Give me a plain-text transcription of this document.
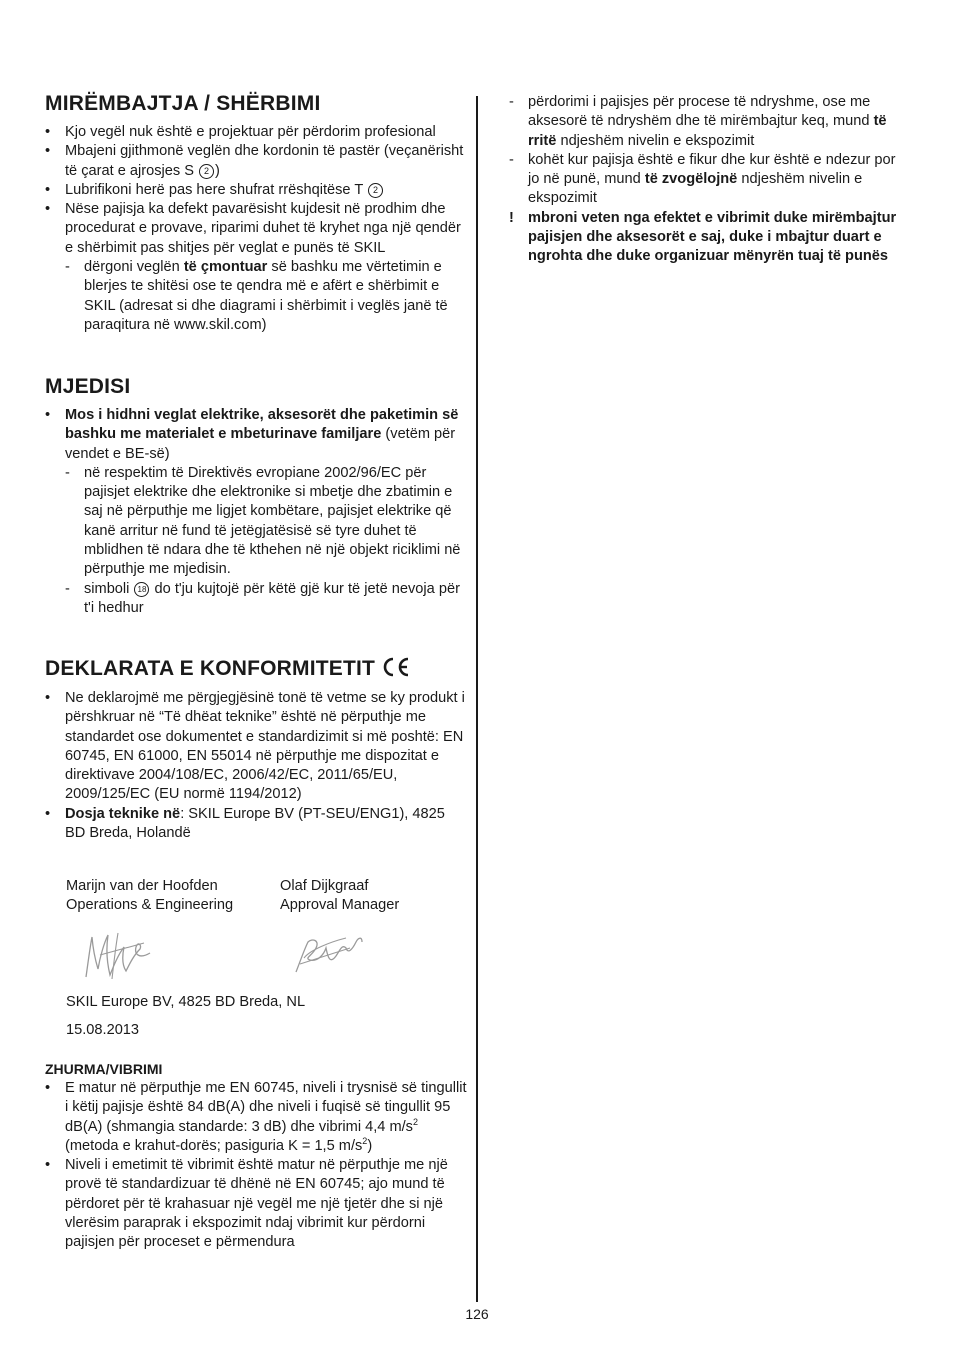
MIRËMBAJTJA / SHËRBIMI
• Kjo vegël nuk është e projektuar për përdorim profesional
• Mbajeni gjithmonë veglën dhe kordonin të pastër (veçanërisht të çarat e ajrosjes S 2 )
• Lubrifikoni herë pas here shufrat rrëshqitëse T 2
• Nëse pajisja ka defekt pavarësisht kujdesit në prodhim dhe procedurat e provave, riparimi duhet të kryhet nga një qendër e shërbimit pas shitjes për veglat e punës të SKIL
- dërgoni veglën të çmontuar së bashku me vërtetimin e blerjes te shitësi ose te qendra më e afërt e shërbimit e SKIL (adresat si dhe diagrami i shërbimit i veglës janë të paraqitura në www.skil.com)
MJEDISI
• Mos i hidhni veglat elektrike, aksesorët dhe paketimin së bashku me materialet e mbeturinave familjare (vetëm për vendet e BE-së)
- në respektim të Direktivës evropiane 2002/96/EC për pajisjet elektrike dhe elektronike si mbetje dhe zbatimin e saj në përputhje me ligjet kombëtare, pajisjet elektrike që kanë arritur në fund të jetëgjatësisë së tyre duhet të mblidhen të ndara dhe të kthehen në një objekt riciklimi në përputhje me mjedisin.
- simboli 18 do t'ju kujtojë për këtë gjë kur të jetë nevoja për t'i hedhur
DEKLARATA E KONFORMITETIT
• Ne deklarojmë me përgjegjësinë tonë të vetme se ky produkt i përshkruar në “Të dhëat teknike” është në përputhje me standardet ose dokumentet e standardizimit si më poshtë: EN 60745, EN 61000, EN 55014 në përputhje me dispozitat e direktivave 2004/108/EC, 2006/42/EC, 2011/65/EU, 2009/125/EC (EU normë 1194/2012)
• Dosja teknike në: SKIL Europe BV (PT-SEU/ENG1), 4825 BD Breda, Holandë
Marijn van der Hoofden
Operations & Engineering
Olaf Dijkgraaf
Approval Manager
SKIL Europe BV, 4825 BD Breda, NL
15.08.2013
ZHURMA/VIBRIMI
• E matur në përputhje me EN 60745, niveli i trysnisë së tingullit i këtij pajisje është 84 dB(A) dhe niveli i fuqisë së tingullit 95 dB(A) (shmangia standarde: 3 dB) dhe vibrimi 4,4 $m/s^2$ (metoda e krahut-dorës; pasiguria K = 1,5 $m/s^2$)
• Niveli i emetimit të vibrimit është matur në përputhje me një provë të standardizuar të dhënë në EN 60745; ajo mund të përdoret për të krahasuar një vegël me një tjetër dhe si një vlerësim paraprak i ekspozimit ndaj vibrimit kur përdorni pajisjen për proceset e përmendura
- përdorimi i pajisjes për procese të ndryshme, ose me aksesorë të ndryshëm dhe të mirëmbajtur keq, mund të rritë ndjeshëm nivelin e ekspozimit
- kohët kur pajisja është e fikur dhe kur është e ndezur por jo në punë, mund të zvogëlojnë ndjeshëm nivelin e ekspozimit
! mbroni veten nga efektet e vibrimit duke mirëmbajtur pajisjen dhe aksesorët e saj, duke i mbajtur duart e ngrohta dhe duke organizuar mënyrën tuaj të punës
126
